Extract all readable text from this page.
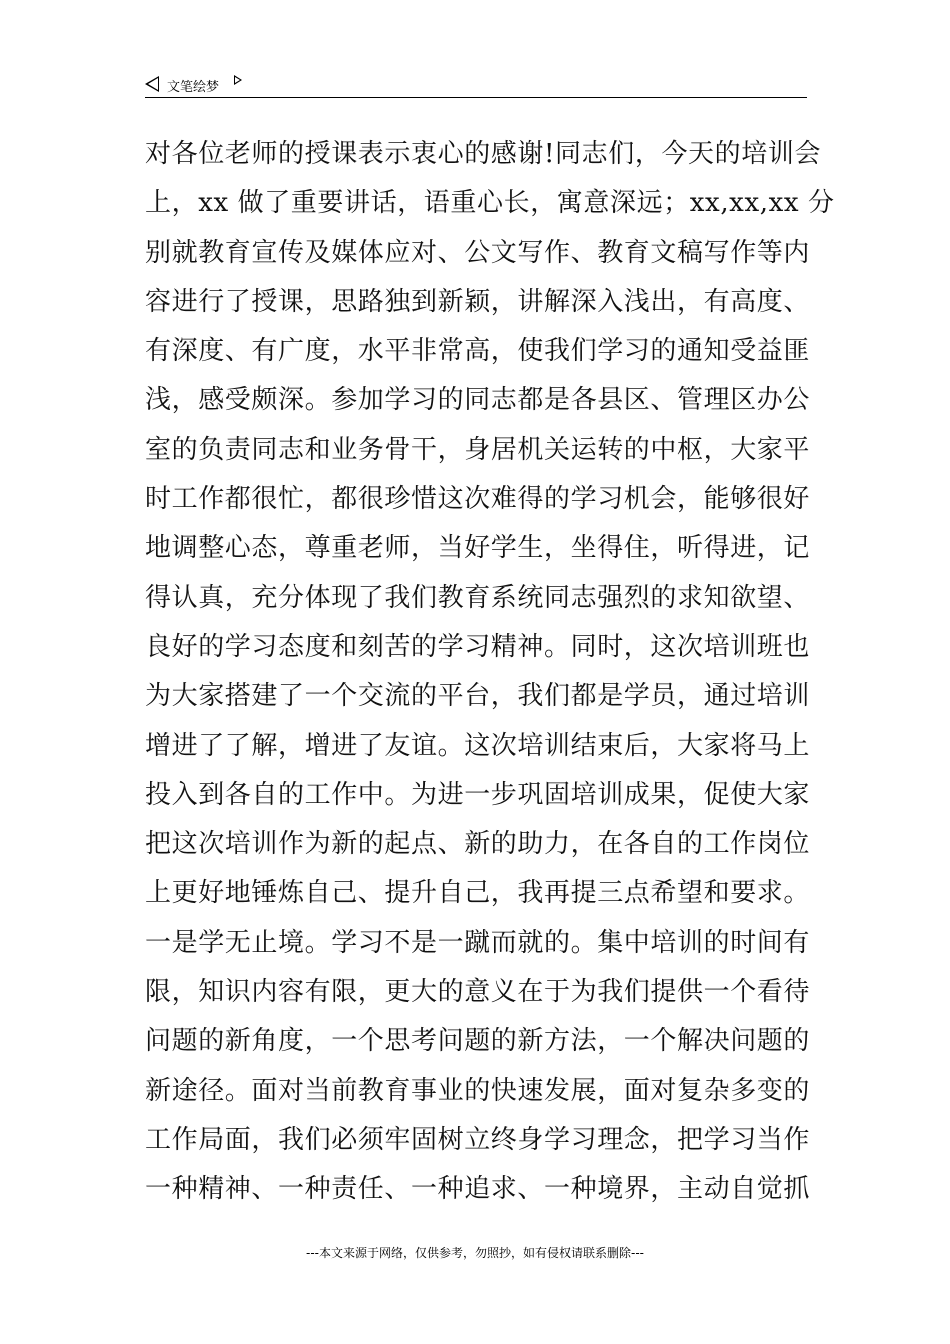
文笔绘梦
对各位老师的授课表示衷心的感谢!同志们，今天的培训会
上，xx 做了重要讲话，语重心长，寓意深远；xx,xx,xx 分
别就教育宣传及媒体应对、公文写作、教育文稿写作等内
容进行了授课，思路独到新颖，讲解深入浅出，有高度、
有深度、有广度，水平非常高，使我们学习的通知受益匪
浅，感受颇深。参加学习的同志都是各县区、管理区办公
室的负责同志和业务骨干，身居机关运转的中枢，大家平
时工作都很忙，都很珍惜这次难得的学习机会，能够很好
地调整心态，尊重老师，当好学生，坐得住，听得进，记
得认真，充分体现了我们教育系统同志强烈的求知欲望、
良好的学习态度和刻苦的学习精神。同时，这次培训班也
为大家搭建了一个交流的平台，我们都是学员，通过培训
增进了了解，增进了友谊。这次培训结束后，大家将马上
投入到各自的工作中。为进一步巩固培训成果，促使大家
把这次培训作为新的起点、新的助力，在各自的工作岗位
上更好地锤炼自己、提升自己，我再提三点希望和要求。
一是学无止境。学习不是一蹴而就的。集中培训的时间有
限，知识内容有限，更大的意义在于为我们提供一个看待
问题的新角度，一个思考问题的新方法，一个解决问题的
新途径。面对当前教育事业的快速发展，面对复杂多变的
工作局面，我们必须牢固树立终身学习理念，把学习当作
一种精神、一种责任、一种追求、一种境界，主动自觉抓
---本文来源于网络，仅供参考，勿照抄，如有侵权请联系删除---
